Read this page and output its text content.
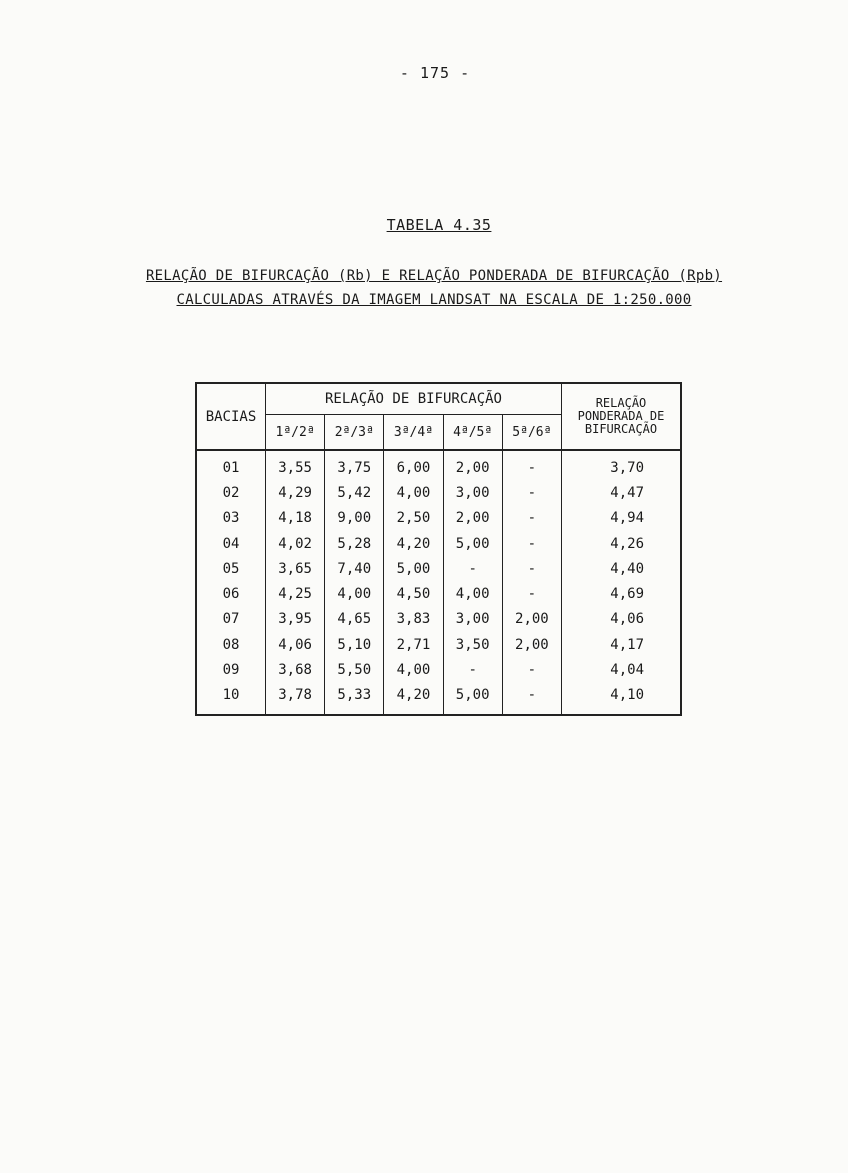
- 175 -
TABELA 4.35
RELAÇÃO DE BIFURCAÇÃO (Rb) E RELAÇÃO PONDERADA DE BIFURCAÇÃO (Rpb)
CALCULADAS ATRAVÉS DA IMAGEM LANDSAT NA ESCALA DE 1:250.000
BACIAS	RELAÇÃO DE BIFURCAÇÃO					RELAÇÃO PONDERADA DE BIFURCAÇÃO
	1ª/2ª	2ª/3ª	3ª/4ª	4ª/5ª	5ª/6ª	
01	3,55	3,75	6,00	2,00	-	3,70
02	4,29	5,42	4,00	3,00	-	4,47
03	4,18	9,00	2,50	2,00	-	4,94
04	4,02	5,28	4,20	5,00	-	4,26
05	3,65	7,40	5,00	-	-	4,40
06	4,25	4,00	4,50	4,00	-	4,69
07	3,95	4,65	3,83	3,00	2,00	4,06
08	4,06	5,10	2,71	3,50	2,00	4,17
09	3,68	5,50	4,00	-	-	4,04
10	3,78	5,33	4,20	5,00	-	4,10
